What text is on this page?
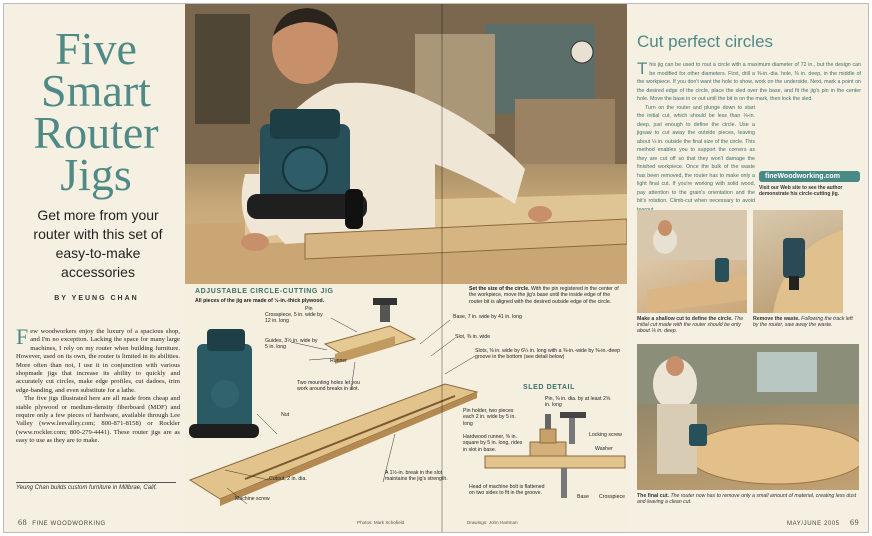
Five Smart Router Jigs
Get more from your router with this set of easy-to-make accessories
BY YEUNG CHAN

Few woodworkers enjoy the luxury of a spacious shop, and I'm no exception. Lacking the space for many large machines, I rely on my router when building furniture. However, used on its own, the router is limited in its abilities. More often than not, I use it in conjunction with various shopmade jigs that increase its ability to quickly and accurately cut circles, make edge profiles, cut dadoes, trim edge-banding, and even substitute for a lathe.

The five jigs illustrated here are all made from cheap and stable plywood or medium-density fiberboard (MDF) and require only a few pieces of hardware, available through Lee Valley (www.leevalley.com; 800-871-8158) or Rockler (www.rockler.com; 800-279-4441). These router jigs are as easy to use as they are to make.

Yeung Chan builds custom furniture in Millbrae, Calif.
68 FINE WOODWORKING
ADJUSTABLE CIRCLE-CUTTING JIG
All pieces of the jig are made of ½-in.-thick plywood.
Set the size of the circle. With the pin registered in the center of the workpiece, move the jig's base until the inside edge of the router bit is aligned with the desired outside edge of the circle.
Pin
Crosspiece, 5 in. wide by 12 in. long
Guides, 3½ in. wide by 5 in. long
Runner
Two mounting holes let you work around breaks in slot.
Nut
Cutout, 2 in. dia.
Machine screw
A 1½-in. break in the slot maintains the jig's strength.
Base, 7 in. wide by 41 in. long
Slot, ⅜ in. wide
Slots, ⅜ in. wide by 6¼ in. long with a ⅜-in.-wide by ⅜-in.-deep groove in the bottom (see detail below)
SLED DETAIL
Pin, ⅜ in. dia. by at least 2⅝ in. long
Pin holder, two pieces each 2 in. wide by 5 in. long
Locking screw
Hardwood runner, ⅜ in. square by 5 in. long, rides in slot in base.	Washer
Head of machine bolt is flattened on two sides to fit in the groove.
Base Crosspiece
Photos: Mark Schofield	Drawings: John Hartman
Cut perfect circles

This jig can be used to rout a circle with a maximum diameter of 72 in., but the design can be modified for other diameters. First, drill a ⅜-in.-dia. hole, ⅜ in. deep, in the middle of the workpiece. If you don't want the hole to show, work on the underside. Next, mark a point on the desired edge of the circle, place the sled over the base, and fit the jig's pin in the center hole. Move the base in or out until the bit is on the mark, then lock the sled.

Turn on the router and plunge down to start the initial cut, which should be less than ⅛-in. deep, just enough to define the circle. Use a jigsaw to cut away the outside pieces, leaving about ⅛ in. outside the final size of the circle. This method enables you to support the corners as they are cut off so that they won't damage the finished workpiece. Once the bulk of the waste has been removed, the router has to make only a light final cut. If you're working with solid wood, pay attention to the grain's orientation and the bit's rotation. Climb-cut when necessary to avoid

fineWoodworking.com
Visit our Web site to see the author demonstrate his circle-cutting jig.
Make a shallow cut to define the circle. The initial cut made with the router should be only about ⅛ in. deep.
Remove the waste. Following the track left by the router, saw away the waste.
The final cut. The router now has to remove only a small amount of material, creating less dust and leaving a clean cut.
MAY/JUNE 2005 69
